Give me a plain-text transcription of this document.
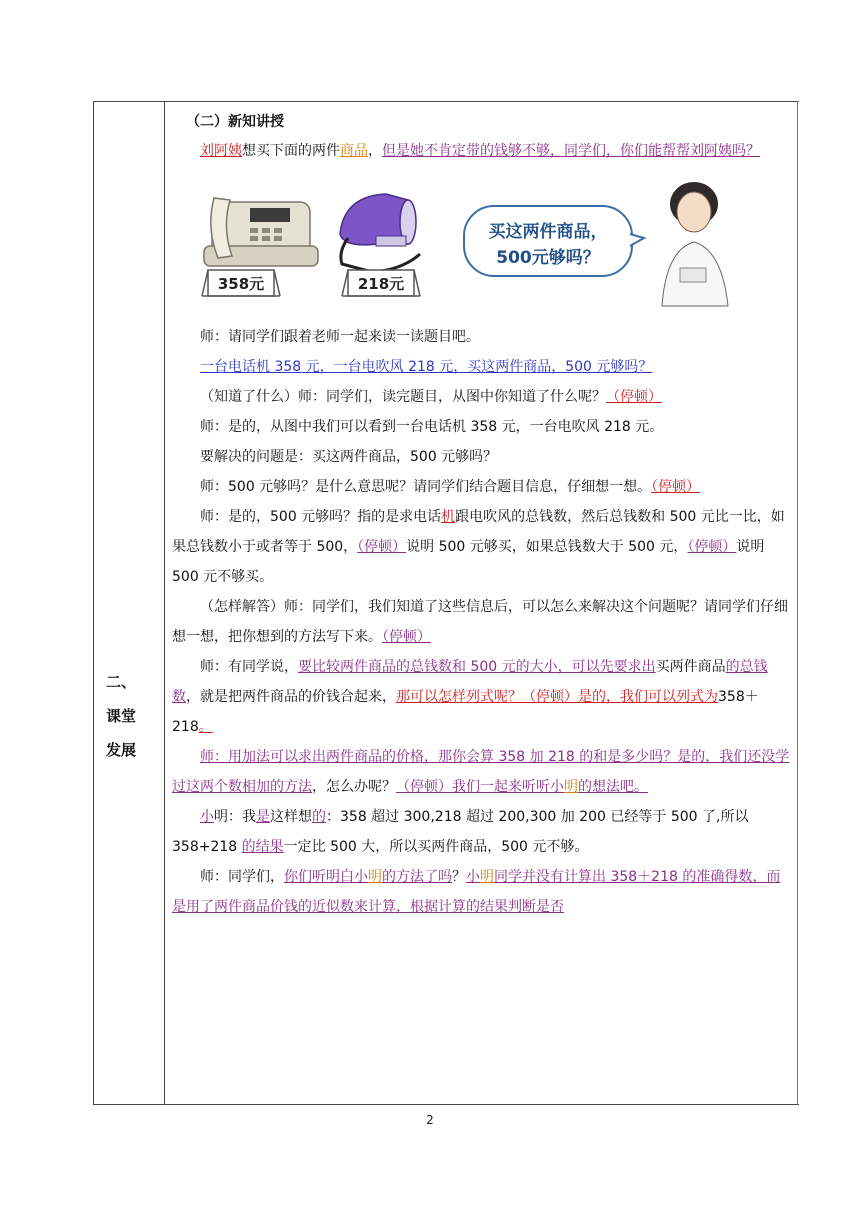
二、
课堂
发展

（二）新知讲授

刘阿姨想买下面的两件商品，但是她不肯定带的钱够不够，同学们，你们能帮帮刘阿姨吗？

358元	218元
买这两件商品，
500元够吗？

师：请同学们跟着老师一起来读一读题目吧。

一台电话机 358 元，一台电吹风 218 元，买这两件商品，500 元够吗？

（知道了什么）师：同学们，读完题目，从图中你知道了什么呢？（停顿）

师：是的，从图中我们可以看到一台电话机 358 元，一台电吹风 218 元。

要解决的问题是：买这两件商品，500 元够吗？

师：500 元够吗？是什么意思呢？请同学们结合题目信息，仔细想一想。（停顿）

师：是的，500 元够吗？指的是求电话机跟电吹风的总钱数，然后总钱数和 500 元比一比，如果总钱数小于或者等于 500，（停顿）说明 500 元够买，如果总钱数大于 500 元，（停顿）说明 500 元不够买。

（怎样解答）师：同学们，我们知道了这些信息后，可以怎么来解决这个问题呢？请同学们仔细想一想，把你想到的方法写下来。（停顿）

师：有同学说，要比较两件商品的总钱数和 500 元的大小，可以先要求出买两件商品的总钱数，就是把两件商品的价钱合起来，那可以怎样列式呢？（停顿）是的，我们可以列式为358＋218。

师：用加法可以求出两件商品的价格，那你会算 358 加 218 的和是多少吗？是的，我们还没学过这两个数相加的方法，怎么办呢？（停顿）我们一起来听听小明的想法吧。

小明：我是这样想的：358 超过 300,218 超过 200,300 加 200 已经等于 500 了,所以 358+218 的结果一定比 500 大，所以买两件商品，500 元不够。

师：同学们，你们听明白小明的方法了吗？小明同学并没有计算出 358＋218 的准确得数，而是用了两件商品价钱的近似数来计算，根据计算的结果判断是否

2
